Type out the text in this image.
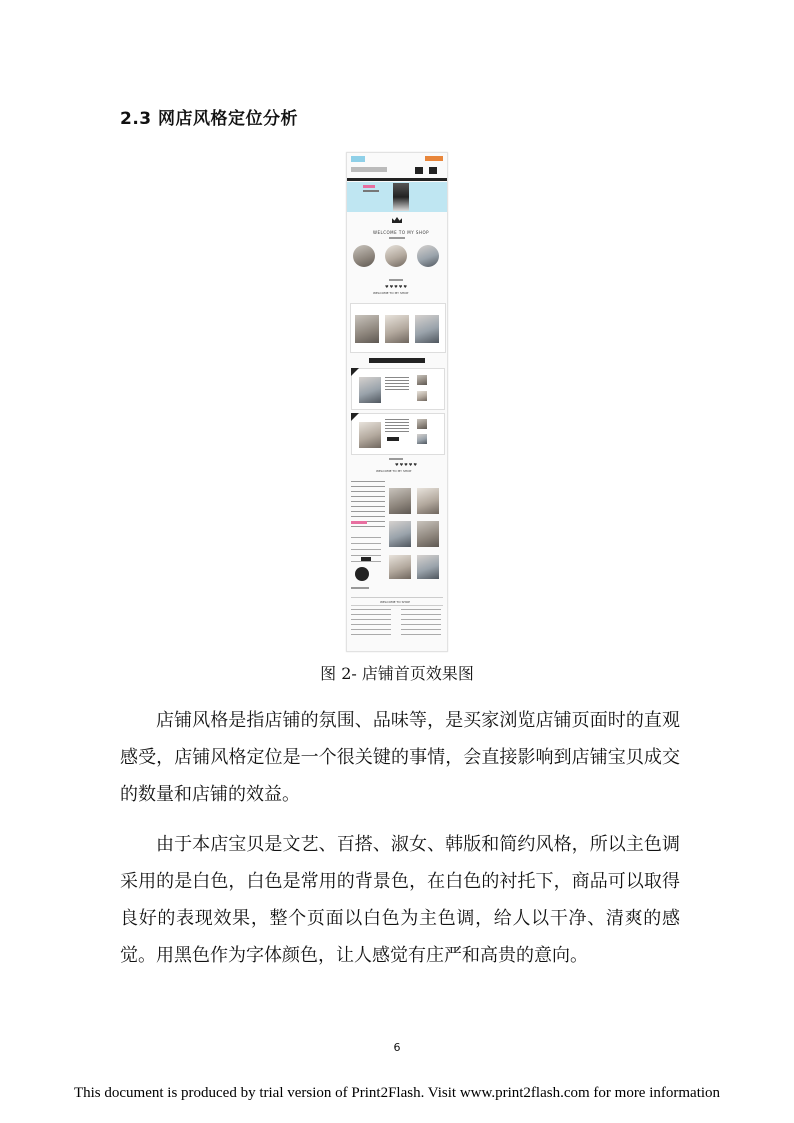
2.3 网店风格定位分析
WELCOME TO MY SHOP
♥♥♥♥♥
WELCOME TO MY SHOP
♥♥♥♥♥
WELCOME TO MY SHOP
WELCOME TO SHOP
图 2- 店铺首页效果图

店铺风格是指店铺的氛围、品味等，是买家浏览店铺页面时的直观感受，店铺风格定位是一个很关键的事情，会直接影响到店铺宝贝成交的数量和店铺的效益。

由于本店宝贝是文艺、百搭、淑女、韩版和简约风格，所以主色调采用的是白色，白色是常用的背景色，在白色的衬托下，商品可以取得良好的表现效果，整个页面以白色为主色调，给人以干净、清爽的感觉。用黑色作为字体颜色，让人感觉有庄严和高贵的意向。

6
This document is produced by trial version of Print2Flash. Visit www.print2flash.com for more information
